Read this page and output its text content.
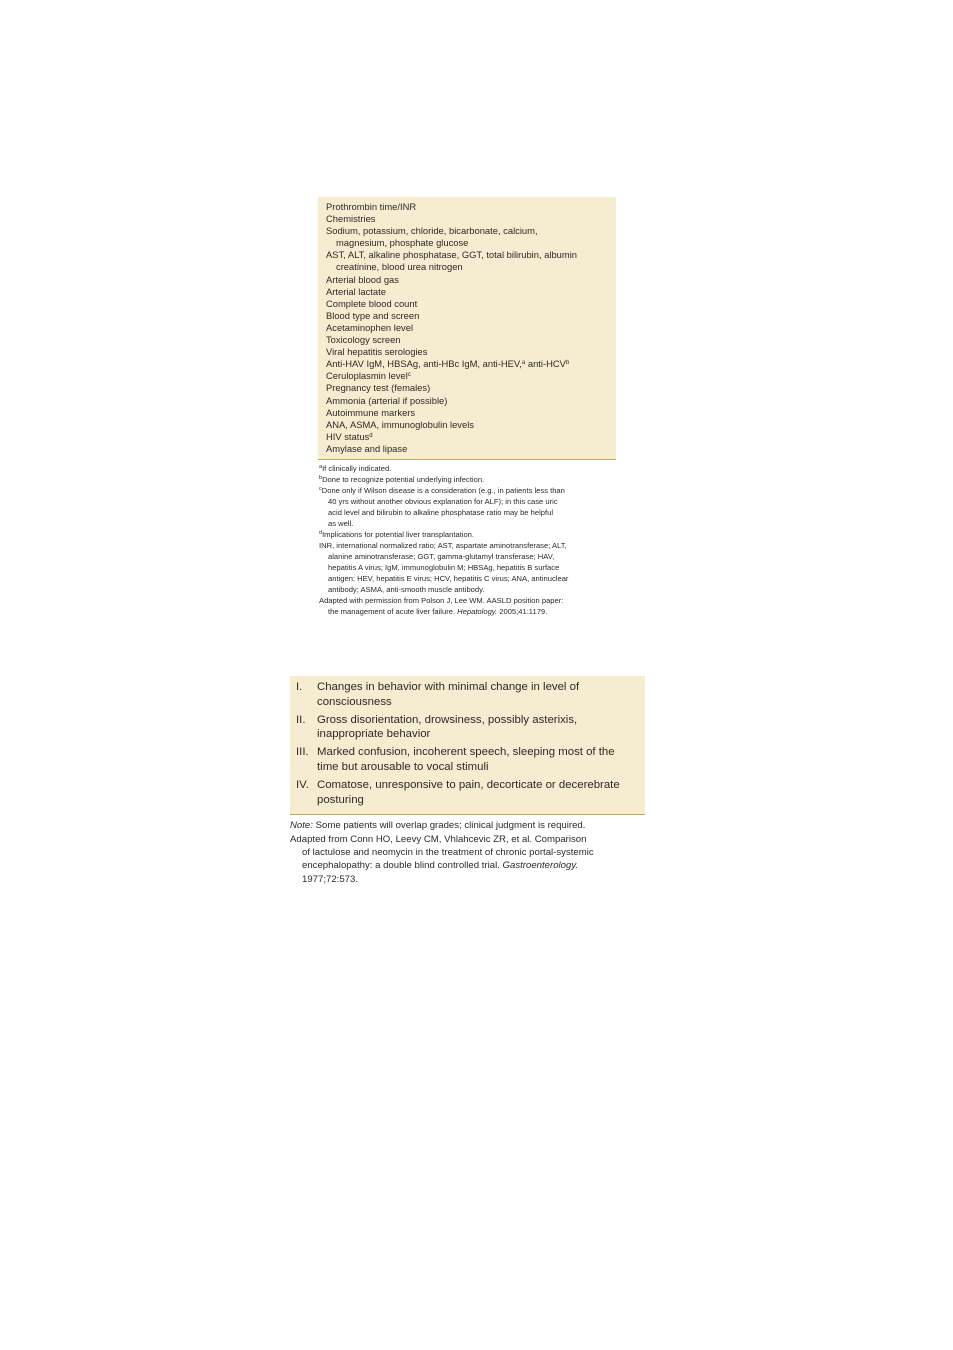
Prothrombin time/INR
Chemistries
Sodium, potassium, chloride, bicarbonate, calcium,
magnesium, phosphate glucose
AST, ALT, alkaline phosphatase, GGT, total bilirubin, albumin
creatinine, blood urea nitrogen
Arterial blood gas
Arterial lactate
Complete blood count
Blood type and screen
Acetaminophen level
Toxicology screen
Viral hepatitis serologies
Anti-HAV IgM, HBSAg, anti-HBc IgM, anti-HEV,$^a$ anti-HCV$^b$
Ceruloplasmin level$^c$
Pregnancy test (females)
Ammonia (arterial if possible)
Autoimmune markers
ANA, ASMA, immunoglobulin levels
HIV status$^d$
Amylase and lipase
$^a$If clinically indicated.
$^b$Done to recognize potential underlying infection.
$^c$Done only if Wilson disease is a consideration (e.g., in patients less than
40 yrs without another obvious explanation for ALF); in this case uric
acid level and bilirubin to alkaline phosphatase ratio may be helpful
as well.
$^d$Implications for potential liver transplantation.
INR, international normalized ratio; AST, aspartate aminotransferase; ALT,
alanine aminotransferase; GGT, gamma-glutamyl transferase; HAV,
hepatitis A virus; IgM, immunoglobulin M; HBSAg, hepatitis B surface
antigen; HEV, hepatitis E virus; HCV, hepatitis C virus; ANA, antinuclear
antibody; ASMA, anti-smooth muscle antibody.
Adapted with permission from Polson J, Lee WM. AASLD position paper:
the management of acute liver failure. Hepatology. 2005;41:1179.
I.	Changes in behavior with minimal change in level of consciousness
II.	Gross disorientation, drowsiness, possibly asterixis, inappropriate behavior
III. Marked confusion, incoherent speech, sleeping most of the time but arousable to vocal stimuli
IV. Comatose, unresponsive to pain, decorticate or decerebrate posturing
Note: Some patients will overlap grades; clinical judgment is required.
Adapted from Conn HO, Leevy CM, Vhlahcevic ZR, et al. Comparison
of lactulose and neomycin in the treatment of chronic portal-systemic
encephalopathy: a double blind controlled trial. Gastroenterology.
1977;72:573.
